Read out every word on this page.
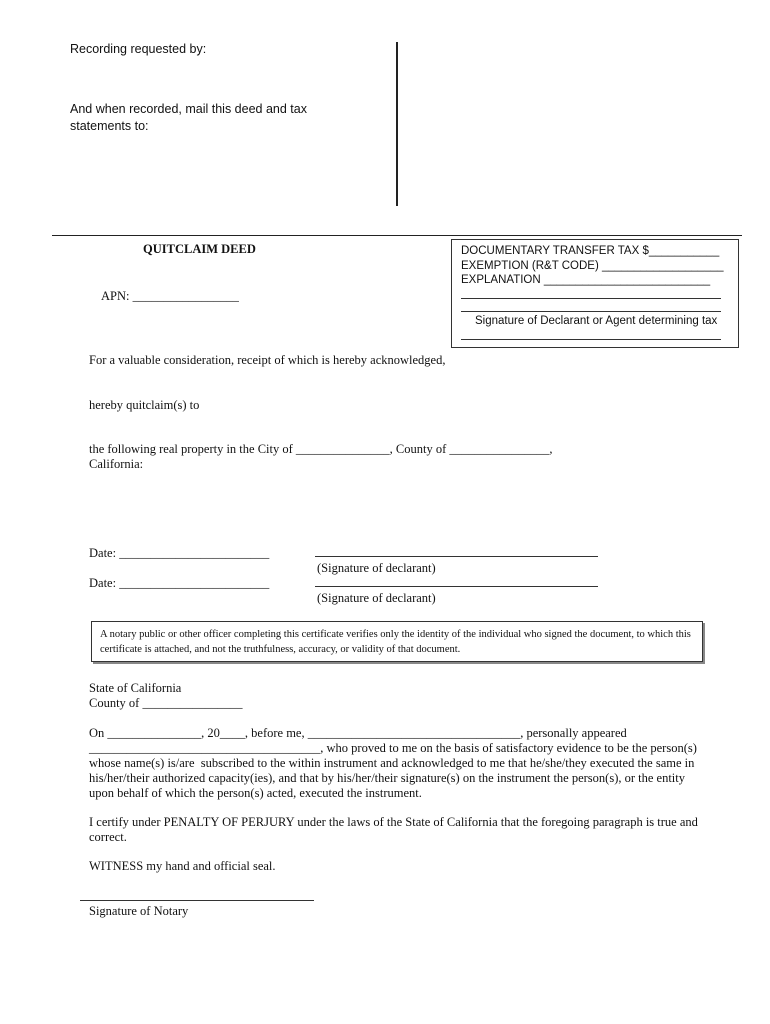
Recording requested by:
And when recorded, mail this deed and tax
statements to:
QUITCLAIM DEED
APN: _________________
DOCUMENTARY TRANSFER TAX $___________
EXEMPTION (R&T CODE) ___________________
EXPLANATION __________________________
Signature of Declarant or Agent determining tax
For a valuable consideration, receipt of which is hereby acknowledged,
hereby quitclaim(s) to
the following real property in the City of _______________, County of ________________,
California:
Date: ________________________
(Signature of declarant)
Date: ________________________
(Signature of declarant)
A notary public or other officer completing this certificate verifies only the identity of the individual who signed the document, to which this certificate is attached, and not the truthfulness, accuracy, or validity of that document.
State of California
County of ________________
On _______________, 20____, before me, __________________________________, personally appeared
_____________________________________, who proved to me on the basis of satisfactory evidence to be the person(s)
whose name(s) is/are  subscribed to the within instrument and acknowledged to me that he/she/they executed the same in
his/her/their authorized capacity(ies), and that by his/her/their signature(s) on the instrument the person(s), or the entity
upon behalf of which the person(s) acted, executed the instrument.
I certify under PENALTY OF PERJURY under the laws of the State of California that the foregoing paragraph is true and
correct.
WITNESS my hand and official seal.
Signature of Notary
